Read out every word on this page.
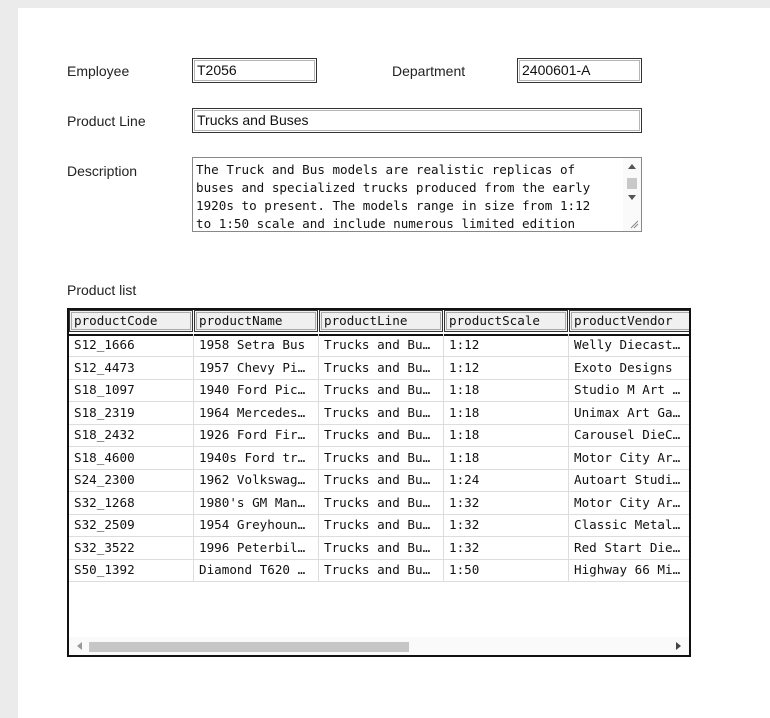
Employee	T2056	Department	2400601-A
Product Line	Trucks and Buses
Description	The Truck and Bus models are realistic replicas of
buses and specialized trucks produced from the early
1920s to present. The models range in size from 1:12
to 1:50 scale and include numerous limited edition
Product list
productCode	productName	productLine	productScale	productVendor
S12_1666	1958 Setra Bus	Trucks and Bu…	1:12	Welly Diecast…
S12_4473	1957 Chevy Pi…	Trucks and Bu…	1:12	Exoto Designs
S18_1097	1940 Ford Pic…	Trucks and Bu…	1:18	Studio M Art …
S18_2319	1964 Mercedes…	Trucks and Bu…	1:18	Unimax Art Ga…
S18_2432	1926 Ford Fir…	Trucks and Bu…	1:18	Carousel DieC…
S18_4600	1940s Ford tr…	Trucks and Bu…	1:18	Motor City Ar…
S24_2300	1962 Volkswag…	Trucks and Bu…	1:24	Autoart Studi…
S32_1268	1980's GM Man…	Trucks and Bu…	1:32	Motor City Ar…
S32_2509	1954 Greyhoun…	Trucks and Bu…	1:32	Classic Metal…
S32_3522	1996 Peterbil…	Trucks and Bu…	1:32	Red Start Die…
S50_1392	Diamond T620 …	Trucks and Bu…	1:50	Highway 66 Mi…
